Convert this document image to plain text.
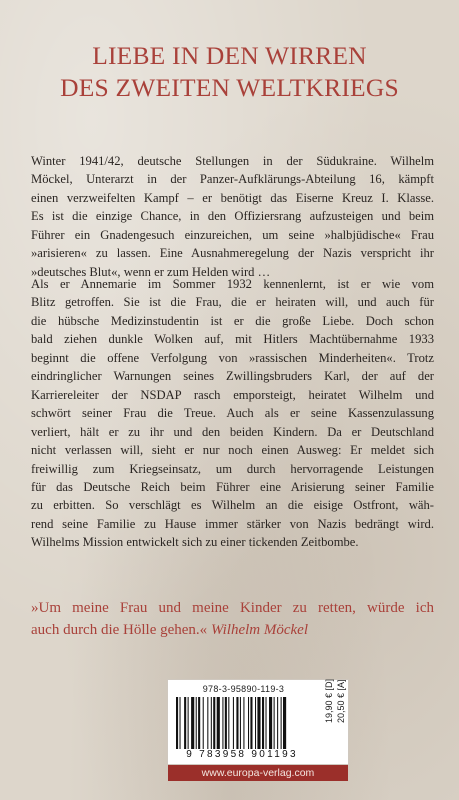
LIEBE IN DEN WIRREN
DES ZWEITEN WELTKRIEGS
Winter 1941/42, deutsche Stellungen in der Südukraine. Wilhelm
Möckel, Unterarzt in der Panzer-Aufklärungs-Abteilung 16, kämpft
einen verzweifelten Kampf – er benötigt das Eiserne Kreuz I. Klasse.
Es ist die einzige Chance, in den Offiziersrang aufzusteigen und beim
Führer ein Gnadengesuch einzureichen, um seine »halbjüdische« Frau
»arisieren« zu lassen. Eine Ausnahmeregelung der Nazis verspricht ihr
»deutsches Blut«, wenn er zum Helden wird …
Als er Annemarie im Sommer 1932 kennenlernt, ist er wie vom
Blitz getroffen. Sie ist die Frau, die er heiraten will, und auch für
die hübsche Medizinstudentin ist er die große Liebe. Doch schon
bald ziehen dunkle Wolken auf, mit Hitlers Machtübernahme 1933
beginnt die offene Verfolgung von »rassischen Minderheiten«. Trotz
eindringlicher Warnungen seines Zwillingsbruders Karl, der auf der
Karriereleiter der NSDAP rasch emporsteigt, heiratet Wilhelm und
schwört seiner Frau die Treue. Auch als er seine Kassenzulassung
verliert, hält er zu ihr und den beiden Kindern. Da er Deutschland
nicht verlassen will, sieht er nur noch einen Ausweg: Er meldet sich
freiwillig zum Kriegseinsatz, um durch hervorragende Leistungen
für das Deutsche Reich beim Führer eine Arisierung seiner Familie
zu erbitten. So verschlägt es Wilhelm an die eisige Ostfront, wäh-
rend seine Familie zu Hause immer stärker von Nazis bedrängt wird.
Wilhelms Mission entwickelt sich zu einer tickenden Zeitbombe.
»Um meine Frau und meine Kinder zu retten, würde ich
auch durch die Hölle gehen.« Wilhelm Möckel
978-3-95890-119-3
9 783958 901193
19,90 € [D] 20,50 € [A]
www.europa-verlag.com
